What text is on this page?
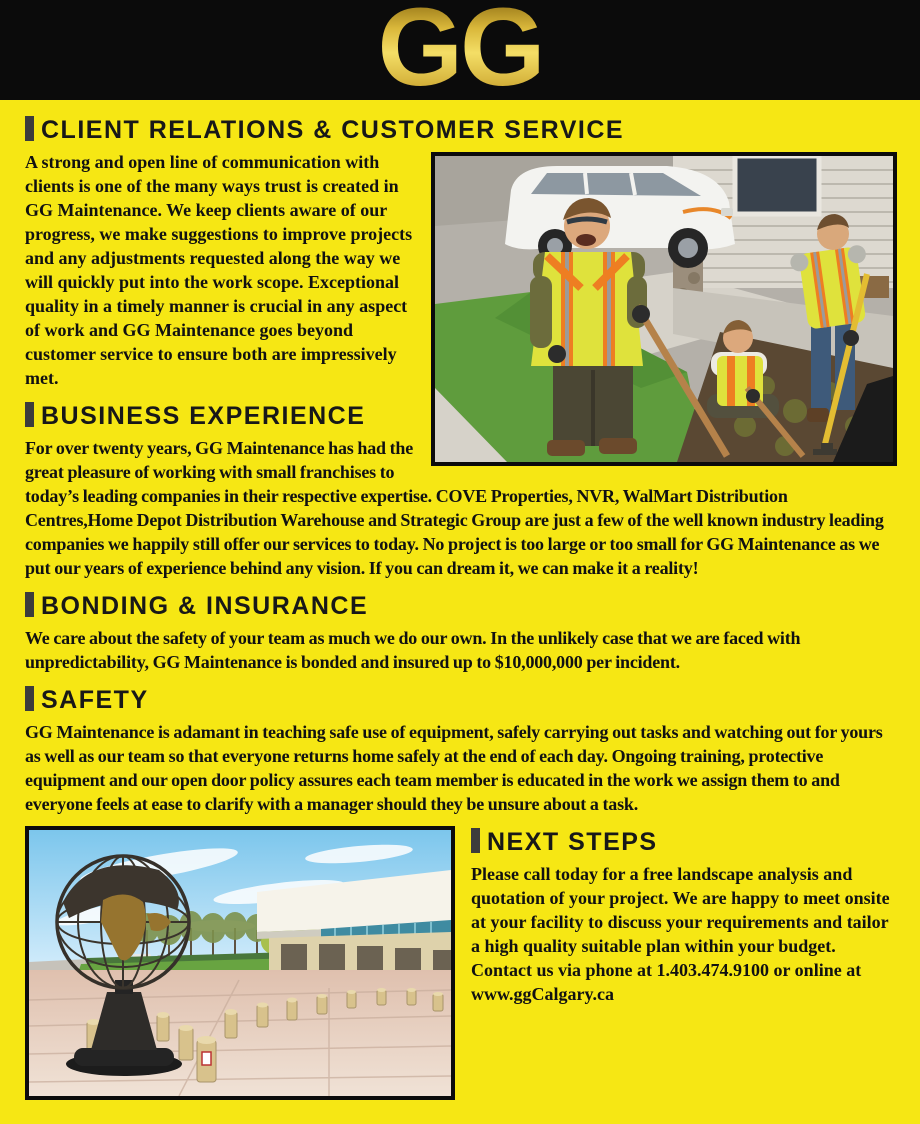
GG
CLIENT RELATIONS & CUSTOMER SERVICE

A strong and open line of communication with clients is one of the many ways trust is created in GG Maintenance. We keep clients aware of our progress, we make suggestions to improve projects and any adjustments requested along the way we will quickly put into the work scope. Exceptional quality in a timely manner is crucial in any aspect of work and GG Maintenance goes beyond customer service to ensure both are impressively met.

BUSINESS EXPERIENCE

For over twenty years, GG Maintenance has had the great pleasure of working with small franchises to today’s leading companies in their respective expertise. COVE Properties, NVR, WalMart Distribution Centres,Home Depot Distribution Warehouse and Strategic Group are just a few of the well known industry leading companies we happily still offer our services to today. No project is too large or too small for GG Maintenance as we put our years of experience behind any vision. If you can dream it, we can make it a reality!

BONDING & INSURANCE

We care about the safety of your team as much we do our own. In the unlikely case that we are faced with unpredictability, GG Maintenance is bonded and insured up to $10,000,000 per incident.

SAFETY

GG Maintenance is adamant in teaching safe use of equipment, safely carrying out tasks and watching out for yours as well as our team so that everyone returns home safely at the end of each day. Ongoing training, protective equipment and our open door policy assures each team member is educated in the work we assign them to and everyone feels at ease to clarify with a manager should they be unsure about a task.

NEXT STEPS

Please call today for a free landscape analysis and quotation of your project. We are happy to meet onsite at your facility to discuss your requirements and tailor a high quality suitable plan within your budget. Contact us via phone at 1.403.474.9100 or online at www.ggCalgary.ca
